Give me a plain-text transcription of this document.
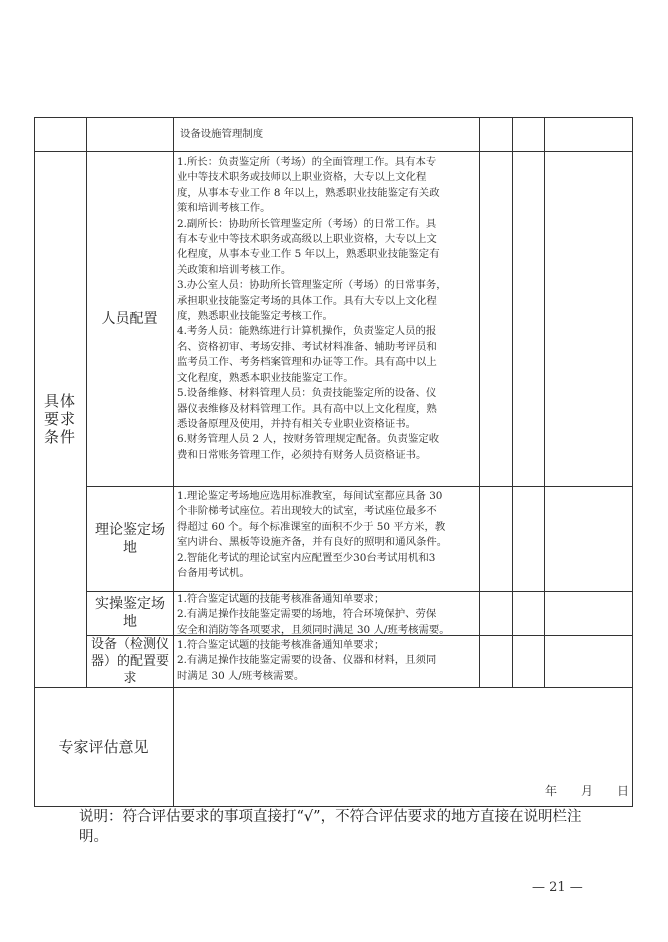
设备设施管理制度

具体
要求
条件
人员配置

1.所长：负责鉴定所（考场）的全面管理工作。具有本专

业中等技术职务或技师以上职业资格，大专以上文化程

度，从事本专业工作 8 年以上，熟悉职业技能鉴定有关政

策和培训考核工作。

2.副所长：协助所长管理鉴定所（考场）的日常工作。具

有本专业中等技术职务或高级以上职业资格，大专以上文

化程度，从事本专业工作 5 年以上，熟悉职业技能鉴定有

关政策和培训考核工作。

3.办公室人员：协助所长管理鉴定所（考场）的日常事务，

承担职业技能鉴定考场的具体工作。具有大专以上文化程

度，熟悉职业技能鉴定考核工作。

4.考务人员：能熟练进行计算机操作，负责鉴定人员的报

名、资格初审、考场安排、考试材料准备、辅助考评员和

监考员工作、考务档案管理和办证等工作。具有高中以上

文化程度，熟悉本职业技能鉴定工作。

5.设备维修、材料管理人员：负责技能鉴定所的设备、仪

器仪表维修及材料管理工作。具有高中以上文化程度，熟

悉设备原理及使用，并持有相关专业职业资格证书。

6.财务管理人员 2 人，按财务管理规定配备。负责鉴定收

费和日常账务管理工作，必须持有财务人员资格证书。

理论鉴定场地

1.理论鉴定考场地应选用标准教室，每间试室都应具备 30

个非阶梯考试座位。若出现较大的试室，考试座位最多不

得超过 60 个。每个标准课室的面积不少于 50 平方米，教

室内讲台、黑板等设施齐备，并有良好的照明和通风条件。

2.智能化考试的理论试室内应配置至少30台考试用机和3

台备用考试机。

实操鉴定场地

1.符合鉴定试题的技能考核准备通知单要求；

2.有满足操作技能鉴定需要的场地，符合环境保护、劳保

安全和消防等各项要求，且须同时满足 30 人/班考核需要。

设备（检测仪器）的配置要求

1.符合鉴定试题的技能考核准备通知单要求；

2.有满足操作技能鉴定需要的设备、仪器和材料，且须同

时满足 30 人/班考核需要。

专家评估意见
年 月 日
说明：符合评估要求的事项直接打“√”，不符合评估要求的地方直接在说明栏注明。
— 21 —
